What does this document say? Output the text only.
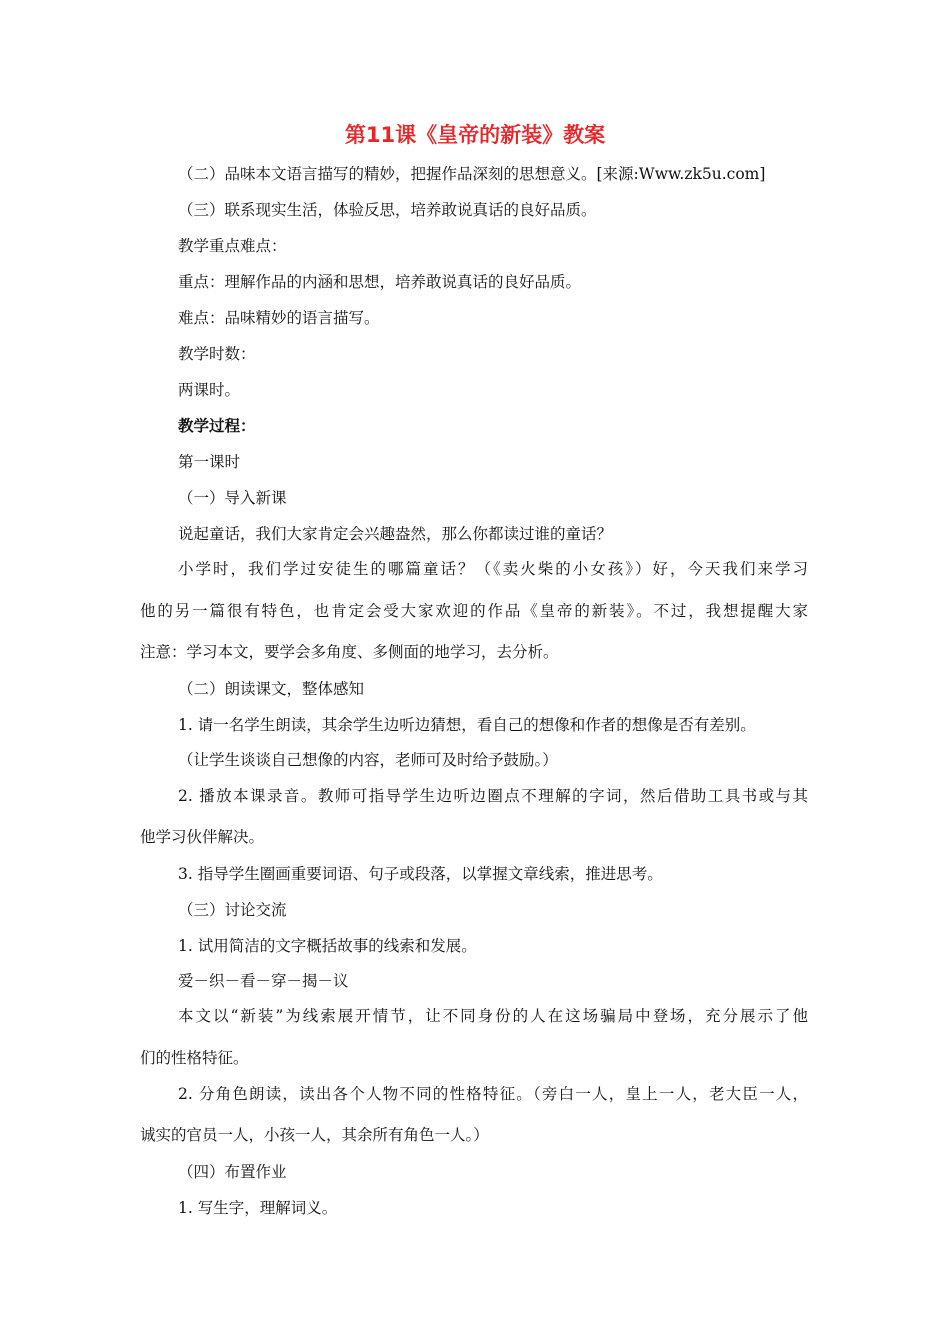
第11课《皇帝的新装》教案
（二）品味本文语言描写的精妙，把握作品深刻的思想意义。[来源:Www.zk5u.com]
（三）联系现实生活，体验反思，培养敢说真话的良好品质。
教学重点难点：
重点：理解作品的内涵和思想，培养敢说真话的良好品质。
难点：品味精妙的语言描写。
教学时数：
两课时。
教学过程：
第一课时
（一）导入新课
说起童话，我们大家肯定会兴趣盎然，那么你都读过谁的童话？
小学时，我们学过安徒生的哪篇童话？（《卖火柴的小女孩》）好，今天我们来学习
他的另一篇很有特色，也肯定会受大家欢迎的作品《皇帝的新装》。不过，我想提醒大家
注意：学习本文，要学会多角度、多侧面的地学习，去分析。
（二）朗读课文，整体感知
1. 请一名学生朗读，其余学生边听边猜想，看自己的想像和作者的想像是否有差别。
（让学生谈谈自己想像的内容，老师可及时给予鼓励。）
2. 播放本课录音。教师可指导学生边听边圈点不理解的字词，然后借助工具书或与其
他学习伙伴解决。
3. 指导学生圈画重要词语、句子或段落，以掌握文章线索，推进思考。
（三）讨论交流
1. 试用简洁的文字概括故事的线索和发展。
爱－织－看－穿－揭－议
本文以“新装”为线索展开情节，让不同身份的人在这场骗局中登场，充分展示了他
们的性格特征。
2. 分角色朗读，读出各个人物不同的性格特征。（旁白一人，皇上一人，老大臣一人，
诚实的官员一人，小孩一人，其余所有角色一人。）
（四）布置作业
1. 写生字，理解词义。
